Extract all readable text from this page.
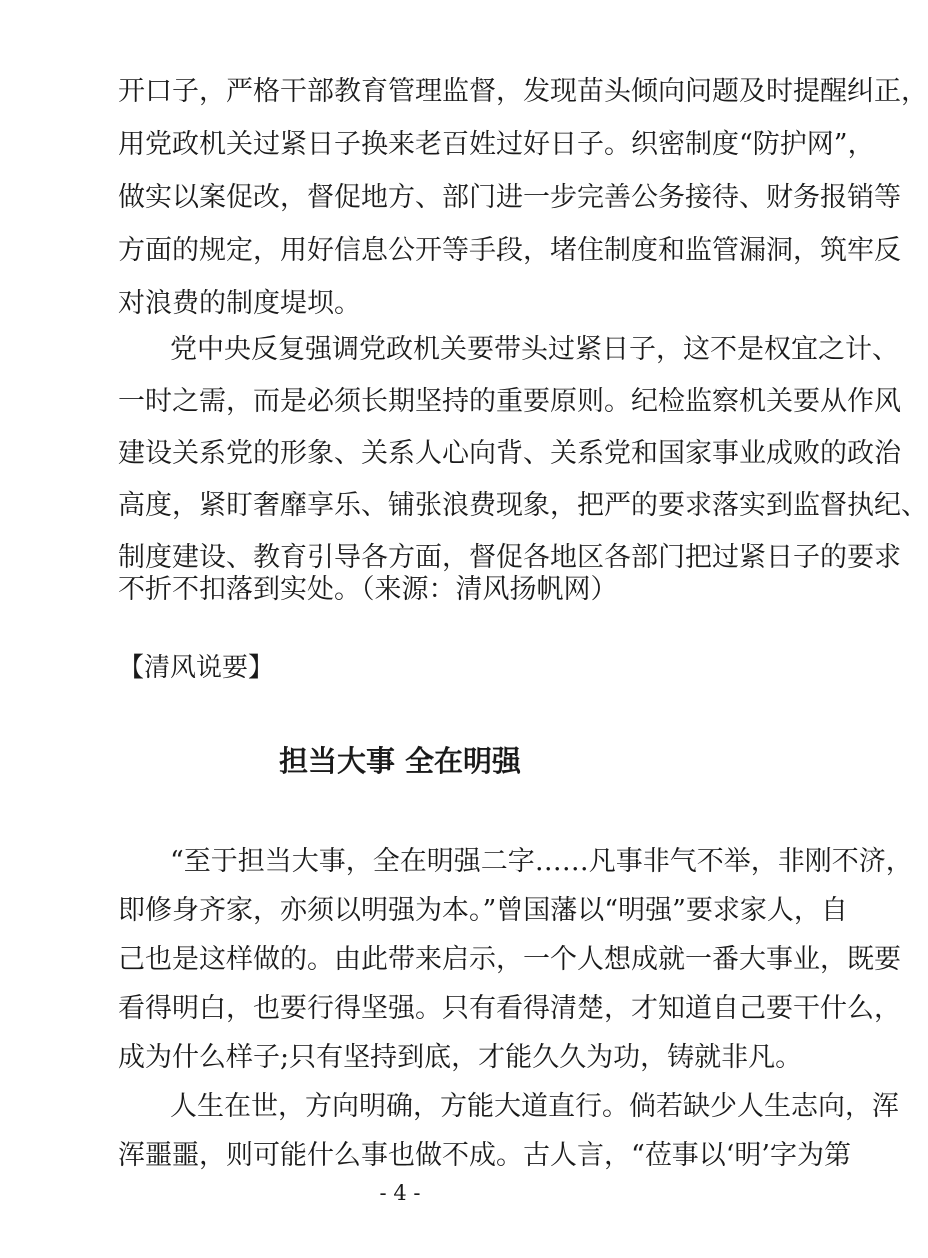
开口子，严格干部教育管理监督，发现苗头倾向问题及时提醒纠正，
用党政机关过紧日子换来老百姓过好日子。织密制度“防护网”，
做实以案促改，督促地方、部门进一步完善公务接待、财务报销等
方面的规定，用好信息公开等手段，堵住制度和监管漏洞，筑牢反
对浪费的制度堤坝。
党中央反复强调党政机关要带头过紧日子，这不是权宜之计、
一时之需，而是必须长期坚持的重要原则。纪检监察机关要从作风
建设关系党的形象、关系人心向背、关系党和国家事业成败的政治
高度，紧盯奢靡享乐、铺张浪费现象，把严的要求落实到监督执纪、
制度建设、教育引导各方面，督促各地区各部门把过紧日子的要求
不折不扣落到实处。（来源：清风扬帆网）
【清风说要】
担当大事 全在明强
“至于担当大事，全在明强二字……凡事非气不举，非刚不济，
即修身齐家，亦须以明强为本。”曾国藩以“明强”要求家人，自
己也是这样做的。由此带来启示，一个人想成就一番大事业，既要
看得明白，也要行得坚强。只有看得清楚，才知道自己要干什么，
成为什么样子;只有坚持到底，才能久久为功，铸就非凡。
人生在世，方向明确，方能大道直行。倘若缺少人生志向，浑
浑噩噩，则可能什么事也做不成。古人言，“莅事以‘明’字为第
- 4 -
